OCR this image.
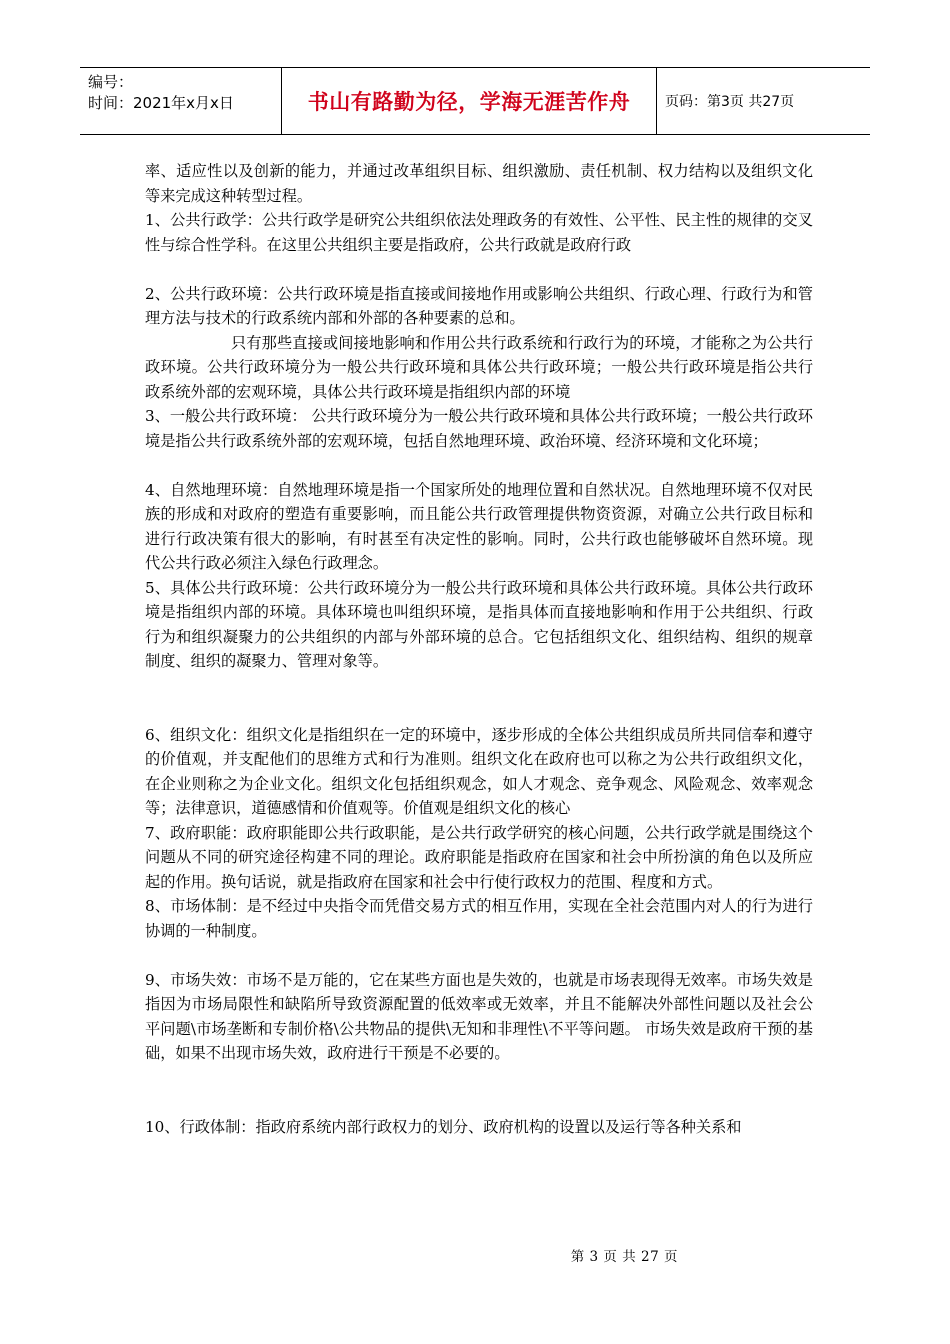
编号：
时间：2021年x月x日	书山有路勤为径，学海无涯苦作舟	页码：第3页 共27页

率、适应性以及创新的能力，并通过改革组织目标、组织激励、责任机制、权力结构以及组织文化等来完成这种转型过程。

1、公共行政学：公共行政学是研究公共组织依法处理政务的有效性、公平性、民主性的规律的交叉性与综合性学科。在这里公共组织主要是指政府，公共行政就是政府行政

2、公共行政环境：公共行政环境是指直接或间接地作用或影响公共组织、行政心理、行政行为和管理方法与技术的行政系统内部和外部的各种要素的总和。

只有那些直接或间接地影响和作用公共行政系统和行政行为的环境，才能称之为公共行政环境。公共行政环境分为一般公共行政环境和具体公共行政环境；一般公共行政环境是指公共行政系统外部的宏观环境，具体公共行政环境是指组织内部的环境

3、一般公共行政环境： 公共行政环境分为一般公共行政环境和具体公共行政环境；一般公共行政环境是指公共行政系统外部的宏观环境，包括自然地理环境、政治环境、经济环境和文化环境；

4、自然地理环境：自然地理环境是指一个国家所处的地理位置和自然状况。自然地理环境不仅对民族的形成和对政府的塑造有重要影响，而且能公共行政管理提供物资资源，对确立公共行政目标和进行行政决策有很大的影响，有时甚至有决定性的影响。同时，公共行政也能够破坏自然环境。现代公共行政必须注入绿色行政理念。

5、具体公共行政环境：公共行政环境分为一般公共行政环境和具体公共行政环境。具体公共行政环境是指组织内部的环境。具体环境也叫组织环境，是指具体而直接地影响和作用于公共组织、行政行为和组织凝聚力的公共组织的内部与外部环境的总合。它包括组织文化、组织结构、组织的规章制度、组织的凝聚力、管理对象等。

6、组织文化：组织文化是指组织在一定的环境中，逐步形成的全体公共组织成员所共同信奉和遵守的价值观，并支配他们的思维方式和行为准则。组织文化在政府也可以称之为公共行政组织文化，在企业则称之为企业文化。组织文化包括组织观念，如人才观念、竞争观念、风险观念、效率观念等；法律意识，道德感情和价值观等。价值观是组织文化的核心

7、政府职能：政府职能即公共行政职能，是公共行政学研究的核心问题，公共行政学就是围绕这个问题从不同的研究途径构建不同的理论。政府职能是指政府在国家和社会中所扮演的角色以及所应起的作用。换句话说，就是指政府在国家和社会中行使行政权力的范围、程度和方式。

8、市场体制：是不经过中央指令而凭借交易方式的相互作用，实现在全社会范围内对人的行为进行协调的一种制度。

9、市场失效：市场不是万能的，它在某些方面也是失效的，也就是市场表现得无效率。市场失效是指因为市场局限性和缺陷所导致资源配置的低效率或无效率，并且不能解决外部性问题以及社会公平问题\市场垄断和专制价格\公共物品的提供\无知和非理性\不平等问题。 市场失效是政府干预的基础，如果不出现市场失效，政府进行干预是不必要的。

10、行政体制：指政府系统内部行政权力的划分、政府机构的设置以及运行等各种关系和

第 3 页 共 27 页
